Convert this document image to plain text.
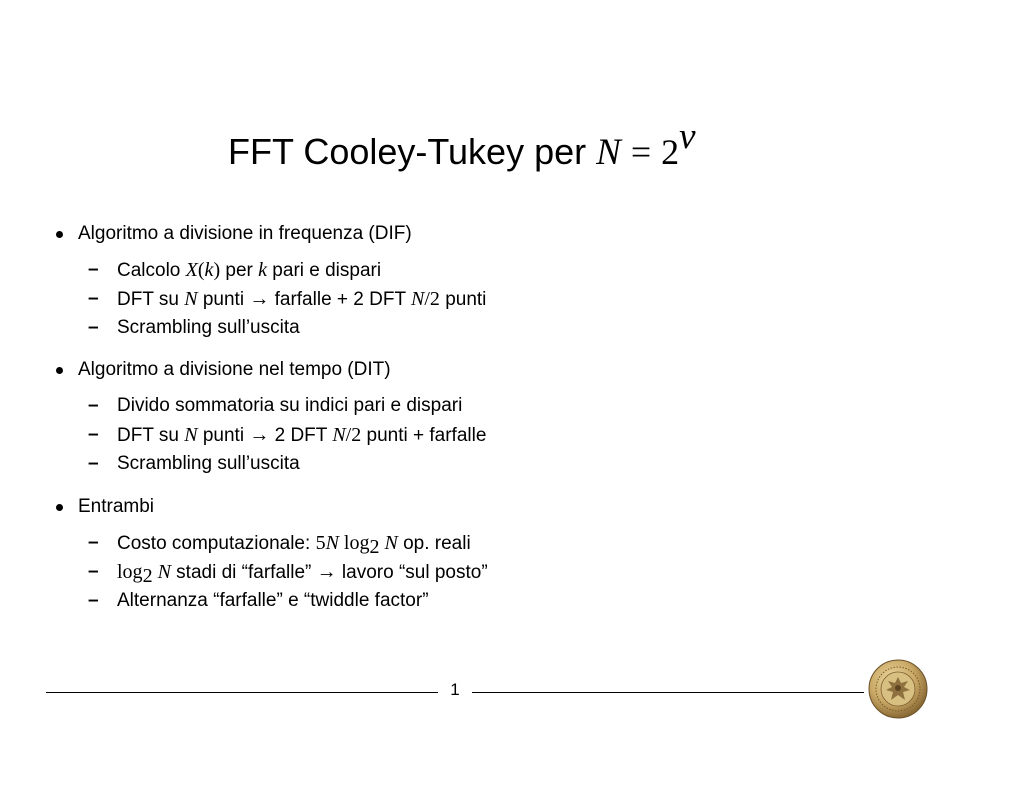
FFT Cooley-Tukey per $N = 2^\nu$
Algoritmo a divisione in frequenza (DIF)
– Calcolo X(k) per k pari e dispari
– DFT su N punti → farfalle + 2 DFT N/2 punti
– Scrambling sull’uscita
Algoritmo a divisione nel tempo (DIT)
– Divido sommatoria su indici pari e dispari
– DFT su N punti → 2 DFT N/2 punti + farfalle
– Scrambling sull’uscita
Entrambi
– Costo computazionale: 5N $\log_2 N$ op. reali
– $\log_2 N$ stadi di “farfalle” → lavoro “sul posto”
– Alternanza “farfalle” e “twiddle factor”
1
